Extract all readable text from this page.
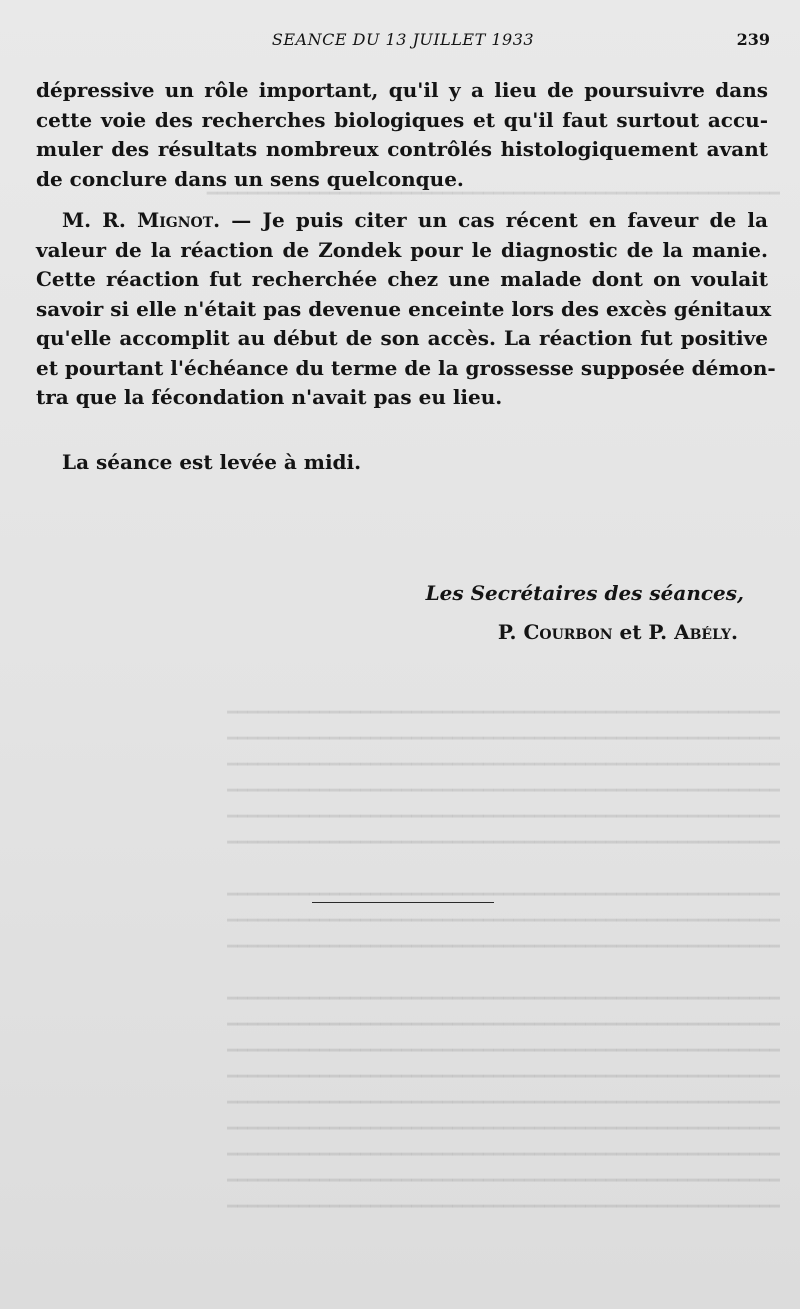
━━━━━━━━━━━━━━━━━━━━━━━━━━━━━━━━━━━━━━━━━━━━━━━━━━━━━━━━
━━━━━━━━━━━━━━━━━━━━━━━━━━━━━━━━━━━━━━━━━━━━━━━━━━━━━━
━━━━━━━━━━━━━━━━━━━━━━━━━━━━━━━━━━━━━━━━━━━━━━━━━━━━━━
━━━━━━━━━━━━━━━━━━━━━━━━━━━━━━━━━━━━━━━━━━━━━━━━━━━━━━
━━━━━━━━━━━━━━━━━━━━━━━━━━━━━━━━━━━━━━━━━━━━━━━━━━━━━━
━━━━━━━━━━━━━━━━━━━━━━━━━━━━━━━━━━━━━━━━━━━━━━━━━━━━━━
━━━━━━━━━━━━━━━━━━━━━━━━━━━━━━━━━━━━━━━━━━━━━━━━━━━━━━

━━━━━━━━━━━━━━━━━━━━━━━━━━━━━━━━━━━━━━━━━━━━━━━━━━━━━━
━━━━━━━━━━━━━━━━━━━━━━━━━━━━━━━━━━━━━━━━━━━━━━━━━━━━━━
━━━━━━━━━━━━━━━━━━━━━━━━━━━━━━━━━━━━━━━━━━━━━━━━━━━━━━

━━━━━━━━━━━━━━━━━━━━━━━━━━━━━━━━━━━━━━━━━━━━━━━━━━━━━━
━━━━━━━━━━━━━━━━━━━━━━━━━━━━━━━━━━━━━━━━━━━━━━━━━━━━━━
━━━━━━━━━━━━━━━━━━━━━━━━━━━━━━━━━━━━━━━━━━━━━━━━━━━━━━
━━━━━━━━━━━━━━━━━━━━━━━━━━━━━━━━━━━━━━━━━━━━━━━━━━━━━━
━━━━━━━━━━━━━━━━━━━━━━━━━━━━━━━━━━━━━━━━━━━━━━━━━━━━━━
━━━━━━━━━━━━━━━━━━━━━━━━━━━━━━━━━━━━━━━━━━━━━━━━━━━━━━
━━━━━━━━━━━━━━━━━━━━━━━━━━━━━━━━━━━━━━━━━━━━━━━━━━━━━━
━━━━━━━━━━━━━━━━━━━━━━━━━━━━━━━━━━━━━━━━━━━━━━━━━━━━━━
━━━━━━━━━━━━━━━━━━━━━━━━━━━━━━━━━━━━━━━━━━━━━━━━━━━━━━
SEANCE DU 13 JUILLET 1933	239
dépressive un rôle important, qu'il y a lieu de poursuivre dans
cette voie des recherches biologiques et qu'il faut surtout accu-
muler des résultats nombreux contrôlés histologiquement avant
de conclure dans un sens quelconque.
M. R. Mignot. — Je puis citer un cas récent en faveur de la
valeur de la réaction de Zondek pour le diagnostic de la manie.
Cette réaction fut recherchée chez une malade dont on voulait
savoir si elle n'était pas devenue enceinte lors des excès génitaux
qu'elle accomplit au début de son accès. La réaction fut positive
et pourtant l'échéance du terme de la grossesse supposée démon-
tra que la fécondation n'avait pas eu lieu.
La séance est levée à midi.
Les Secrétaires des séances,
P. Courbon et P. Abély.
